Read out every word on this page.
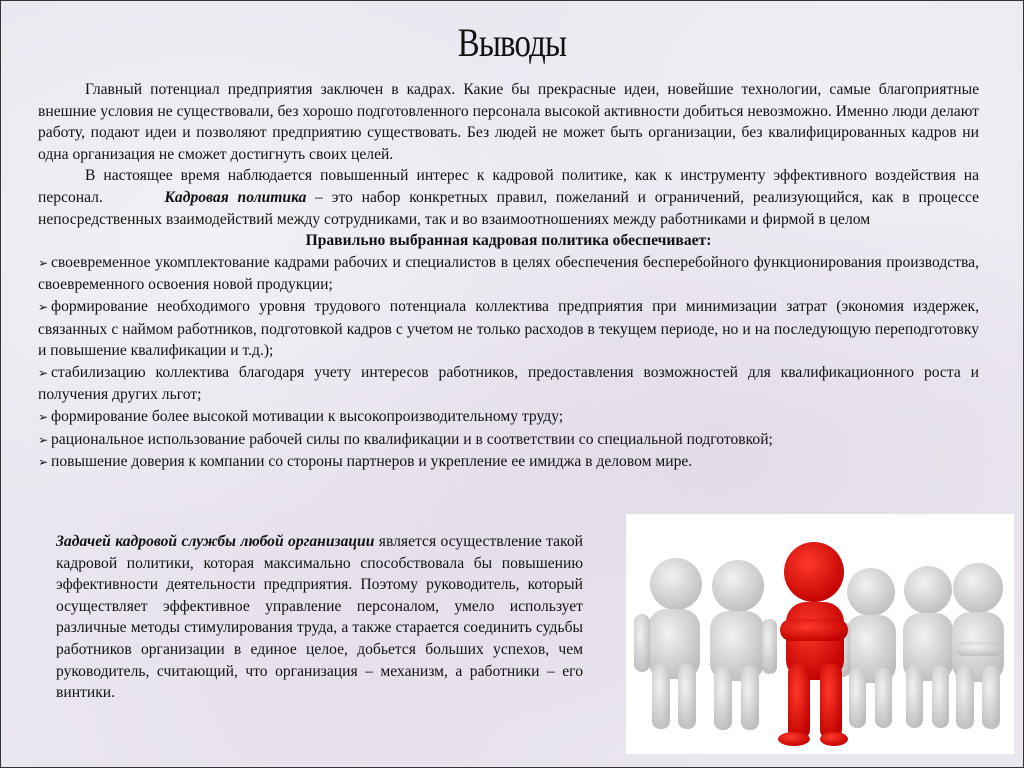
Выводы

Главный потенциал предприятия заключен в кадрах. Какие бы прекрасные идеи, новейшие технологии, самые благоприятные внешние условия не существовали, без хорошо подготовленного персонала высокой активности добиться невозможно. Именно люди делают работу, подают идеи и позволяют предприятию существовать. Без людей не может быть организации, без квалифицированных кадров ни одна организация не сможет достигнуть своих целей.

В настоящее время наблюдается повышенный интерес к кадровой политике, как к инструменту эффективного воздействия на персонал.	Кадровая политика – это набор конкретных правил, пожеланий и ограничений, реализующийся, как в процессе непосредственных взаимодействий между сотрудниками, так и во взаимоотношениях между работниками и фирмой в целом

Правильно выбранная кадровая политика обеспечивает:

➢ своевременное укомплектование кадрами рабочих и специалистов в целях обеспечения бесперебойного функционирования производства, своевременного освоения новой продукции;

➢ формирование необходимого уровня трудового потенциала коллектива предприятия при минимизации затрат (экономия издержек, связанных с наймом работников, подготовкой кадров с учетом не только расходов в текущем периоде, но и на последующую переподготовку и повышение квалификации и т.д.);

➢ стабилизацию коллектива благодаря учету интересов работников, предоставления возможностей для квалификационного роста и получения других льгот;

➢ формирование более высокой мотивации к высокопроизводительному труду;

➢ рациональное использование рабочей силы по квалификации и в соответствии со специальной подготовкой;

➢ повышение доверия к компании со стороны партнеров и укрепление ее имиджа в деловом мире.

Задачей кадровой службы любой организации является осуществление такой кадровой политики, которая максимально способствовала бы повышению эффективности деятельности предприятия. Поэтому руководитель, который осуществляет эффективное управление персоналом, умело использует различные методы стимулирования труда, а также старается соединить судьбы работников организации в единое целое, добьется больших успехов, чем руководитель, считающий, что организация – механизм, а работники – его винтики.
